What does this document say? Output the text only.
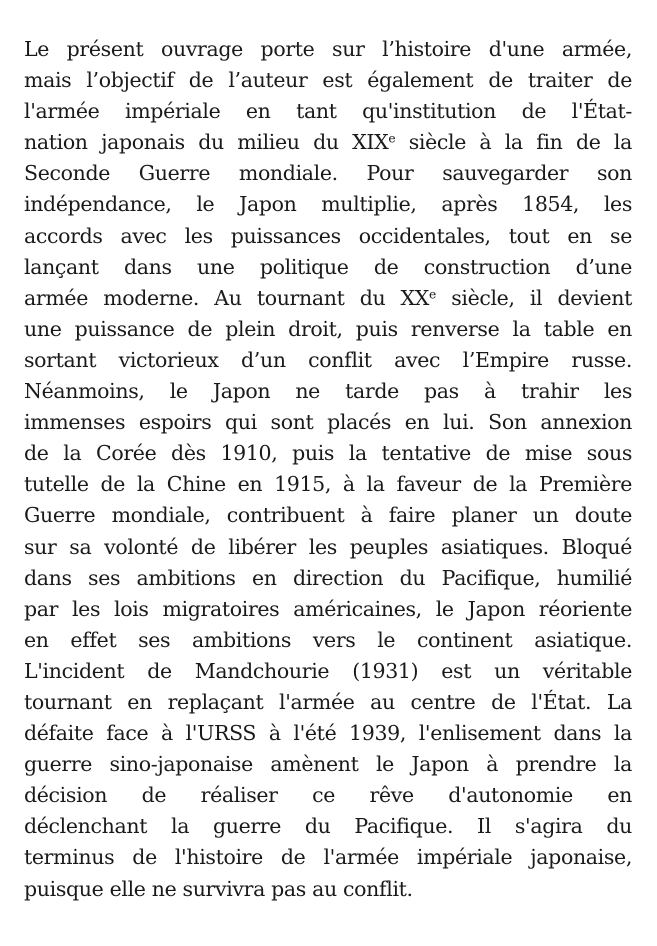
Le présent ouvrage porte sur l’histoire d'une armée,
mais l’objectif de l’auteur est également de traiter de
l'armée impériale en tant qu'institution de l'État-
nation japonais du milieu du XIXe siècle à la fin de la
Seconde Guerre mondiale. Pour sauvegarder son
indépendance, le Japon multiplie, après 1854, les
accords avec les puissances occidentales, tout en se
lançant dans une politique de construction d’une
armée moderne. Au tournant du XXe siècle, il devient
une puissance de plein droit, puis renverse la table en
sortant victorieux d’un conflit avec l’Empire russe.
Néanmoins, le Japon ne tarde pas à trahir les
immenses espoirs qui sont placés en lui. Son annexion
de la Corée dès 1910, puis la tentative de mise sous
tutelle de la Chine en 1915, à la faveur de la Première
Guerre mondiale, contribuent à faire planer un doute
sur sa volonté de libérer les peuples asiatiques. Bloqué
dans ses ambitions en direction du Pacifique, humilié
par les lois migratoires américaines, le Japon réoriente
en effet ses ambitions vers le continent asiatique.
L'incident de Mandchourie (1931) est un véritable
tournant en replaçant l'armée au centre de l'État. La
défaite face à l'URSS à l'été 1939, l'enlisement dans la
guerre sino-japonaise amènent le Japon à prendre la
décision de réaliser ce rêve d'autonomie en
déclenchant la guerre du Pacifique. Il s'agira du
terminus de l'histoire de l'armée impériale japonaise,
puisque elle ne survivra pas au conflit.
